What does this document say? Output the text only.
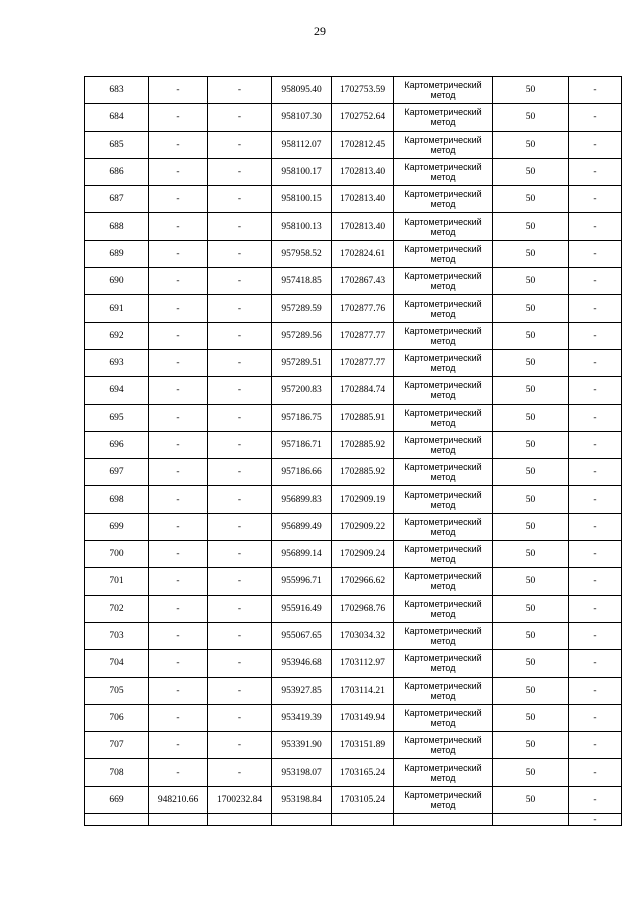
29
683	-	-	958095.40	1702753.59	Картометрический метод	50	-
684	-	-	958107.30	1702752.64	Картометрический метод	50	-
685	-	-	958112.07	1702812.45	Картометрический метод	50	-
686	-	-	958100.17	1702813.40	Картометрический метод	50	-
687	-	-	958100.15	1702813.40	Картометрический метод	50	-
688	-	-	958100.13	1702813.40	Картометрический метод	50	-
689	-	-	957958.52	1702824.61	Картометрический метод	50	-
690	-	-	957418.85	1702867.43	Картометрический метод	50	-
691	-	-	957289.59	1702877.76	Картометрический метод	50	-
692	-	-	957289.56	1702877.77	Картометрический метод	50	-
693	-	-	957289.51	1702877.77	Картометрический метод	50	-
694	-	-	957200.83	1702884.74	Картометрический метод	50	-
695	-	-	957186.75	1702885.91	Картометрический метод	50	-
696	-	-	957186.71	1702885.92	Картометрический метод	50	-
697	-	-	957186.66	1702885.92	Картометрический метод	50	-
698	-	-	956899.83	1702909.19	Картометрический метод	50	-
699	-	-	956899.49	1702909.22	Картометрический метод	50	-
700	-	-	956899.14	1702909.24	Картометрический метод	50	-
701	-	-	955996.71	1702966.62	Картометрический метод	50	-
702	-	-	955916.49	1702968.76	Картометрический метод	50	-
703	-	-	955067.65	1703034.32	Картометрический метод	50	-
704	-	-	953946.68	1703112.97	Картометрический метод	50	-
705	-	-	953927.85	1703114.21	Картометрический метод	50	-
706	-	-	953419.39	1703149.94	Картометрический метод	50	-
707	-	-	953391.90	1703151.89	Картометрический метод	50	-
708	-	-	953198.07	1703165.24	Картометрический метод	50	-
669	948210.66	1700232.84	953198.84	1703105.24	Картометрический метод	50	-
							-
